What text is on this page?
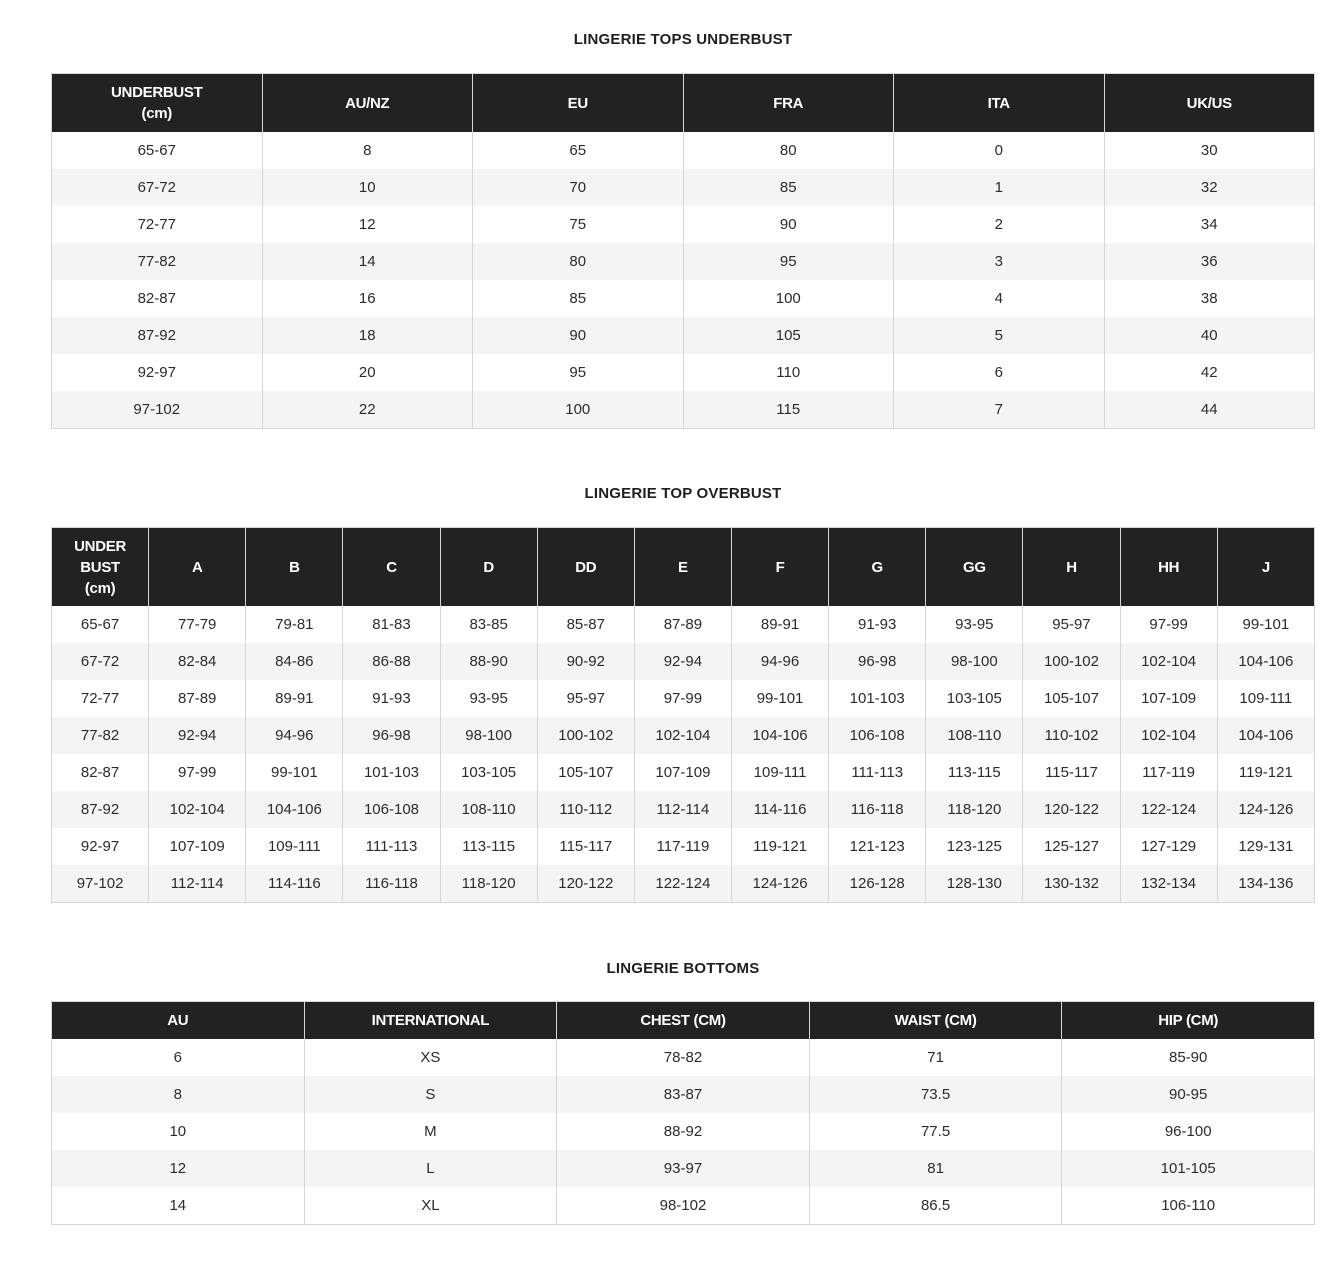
LINGERIE TOPS UNDERBUST
UNDERBUST
(cm)	AU/NZ	EU	FRA	ITA	UK/US

65-67	8	65	80	0	30
67-72	10	70	85	1	32
72-77	12	75	90	2	34
77-82	14	80	95	3	36
82-87	16	85	100	4	38
87-92	18	90	105	5	40
92-97	20	95	110	6	42
97-102	22	100	115	7	44
LINGERIE TOP OVERBUST
UNDER
BUST
(cm)	A	B	C	D	DD	E	F	G	GG	H	HH	J

65-67	77-79	79-81	81-83	83-85	85-87	87-89	89-91	91-93	93-95	95-97	97-99	99-101
67-72	82-84	84-86	86-88	88-90	90-92	92-94	94-96	96-98	98-100	100-102	102-104	104-106
72-77	87-89	89-91	91-93	93-95	95-97	97-99	99-101	101-103	103-105	105-107	107-109	109-111
77-82	92-94	94-96	96-98	98-100	100-102	102-104	104-106	106-108	108-110	110-102	102-104	104-106
82-87	97-99	99-101	101-103	103-105	105-107	107-109	109-111	111-113	113-115	115-117	117-119	119-121
87-92	102-104	104-106	106-108	108-110	110-112	112-114	114-116	116-118	118-120	120-122	122-124	124-126
92-97	107-109	109-111	111-113	113-115	115-117	117-119	119-121	121-123	123-125	125-127	127-129	129-131
97-102	112-114	114-116	116-118	118-120	120-122	122-124	124-126	126-128	128-130	130-132	132-134	134-136
LINGERIE BOTTOMS
AU	INTERNATIONAL	CHEST (CM)	WAIST (CM)	HIP (CM)

6	XS	78-82	71	85-90
8	S	83-87	73.5	90-95
10	M	88-92	77.5	96-100
12	L	93-97	81	101-105
14	XL	98-102	86.5	106-110
